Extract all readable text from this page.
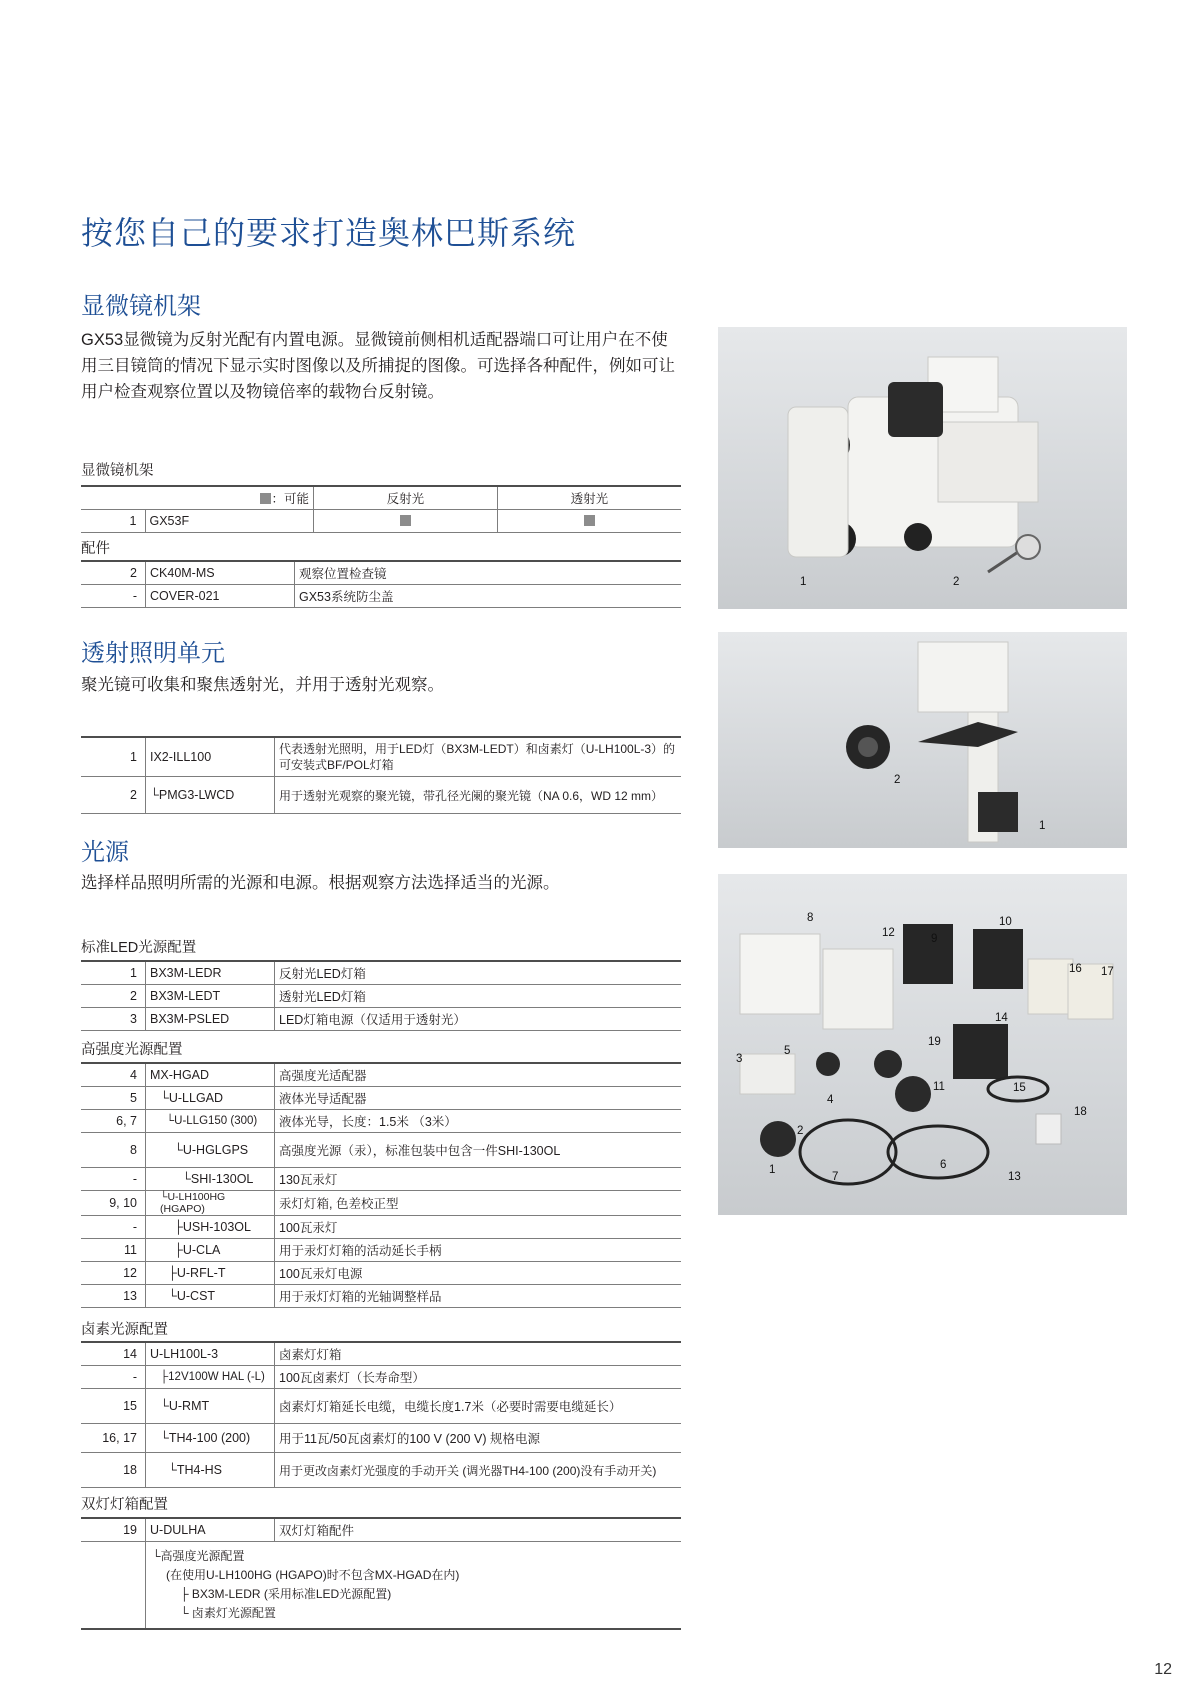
按您自己的要求打造奥林巴斯系统
显微镜机架
GX53显微镜为反射光配有内置电源。显微镜前侧相机适配器端口可让用户在不使用三目镜筒的情况下显示实时图像以及所捕捉的图像。可选择各种配件，例如可让用户检查观察位置以及物镜倍率的载物台反射镜。
显微镜机架
	：可能	反射光	透射光
1	GX53F		
配件
2	CK40M-MS	观察位置检查镜
-	COVER-021	GX53系统防尘盖
1	2
透射照明单元
聚光镜可收集和聚焦透射光，并用于透射光观察。
1	IX2-ILL100	代表透射光照明，用于LED灯（BX3M-LEDT）和卤素灯（U-LH100L-3）的可安装式BF/POL灯箱
2	└PMG3-LWCD	用于透射光观察的聚光镜，带孔径光阑的聚光镜（NA 0.6，WD 12 mm）
2
1
光源
选择样品照明所需的光源和电源。根据观察方法选择适当的光源。
标准LED光源配置
1	BX3M-LEDR	反射光LED灯箱
2	BX3M-LEDT	透射光LED灯箱
3	BX3M-PSLED	LED灯箱电源（仅适用于透射光）
高强度光源配置
4	MX-HGAD	高强度光适配器
5	└U-LLGAD	液体光导适配器
6, 7	└U-LLG150 (300)	液体光导，长度：1.5米 （3米）
8	└U-HGLGPS	高强度光源（汞），标准包装中包含一件SHI-130OL
-	└SHI-130OL	130瓦汞灯
9, 10	└U-LH100HG (HGAPO)	汞灯灯箱, 色差校正型
-	├USH-103OL	100瓦汞灯
11	├U-CLA	用于汞灯灯箱的活动延长手柄
12	├U-RFL-T	100瓦汞灯电源
13	└U-CST	用于汞灯灯箱的光轴调整样品
卤素光源配置
14	U-LH100L-3	卤素灯灯箱
-	├12V100W HAL (-L)	100瓦卤素灯（长寿命型）
15	└U-RMT	卤素灯灯箱延长电缆，电缆长度1.7米（必要时需要电缆延长）
16, 17	└TH4-100 (200)	用于11瓦/50瓦卤素灯的100 V (200 V) 规格电源
18	└TH4-HS	用于更改卤素灯光强度的手动开关 (调光器TH4-100 (200)没有手动开关)
双灯灯箱配置
19	U-DULHA	双灯灯箱配件

	└高强度光源配置
(在使用U-LH100HG (HGAPO)时不包含MX-HGAD在内)
├ BX3M-LEDR (采用标准LED光源配置)
└ 卤素灯光源配置	
8
12	9
10
16 17
14
19
3
5
11	15
4
18
2
6
1
7	13
12
